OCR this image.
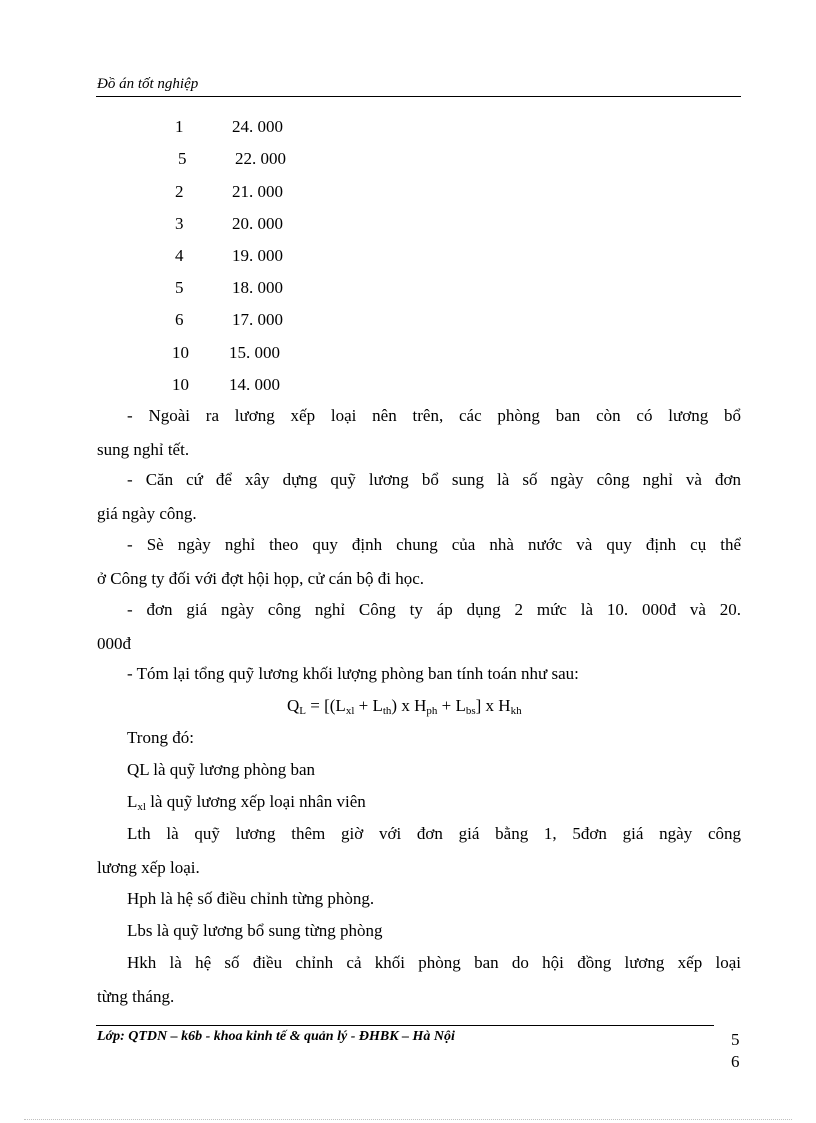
Đồ án tốt nghiệp
1	24. 000
5	22. 000
2	21. 000
3	20. 000
4	19. 000
5	18. 000
6	17. 000
10 15. 000
10 14. 000
- Ngoài ra lương xếp loại nên trên, các phòng ban còn có lương bổ
sung nghỉ tết.
- Căn cứ để xây dựng quỹ lương bổ sung là số ngày công nghỉ và đơn
giá ngày công.
- Sè ngày nghỉ theo quy định chung của nhà nước và quy định cụ thể
ở Công ty đối với đợt hội họp, cử cán bộ đi học.
- đơn giá ngày công nghỉ Công ty áp dụng 2 mức là 10. 000đ và 20.
000đ
- Tóm lại tổng quỹ lương khối lượng phòng ban tính toán như sau:
$Q_L = [(L_{xl} + L_{th})$ x $H_{ph} + L_{bs}$] x $H_{kh}$
Trong đó:
QL là quỹ lương phòng ban
$L_{xl}$ là quỹ lương xếp loại nhân viên
Lth là quỹ lương thêm giờ với đơn giá bằng 1, 5đơn giá ngày công
lương xếp loại.
Hph là hệ số điều chỉnh từng phòng.
Lbs là quỹ lương bổ sung từng phòng
Hkh là hệ số điều chỉnh cả khối phòng ban do hội đồng lương xếp loại
từng tháng.
Lớp: QTDN – k6b - khoa kinh tế & quản lý - ĐHBK – Hà Nội	5
6
